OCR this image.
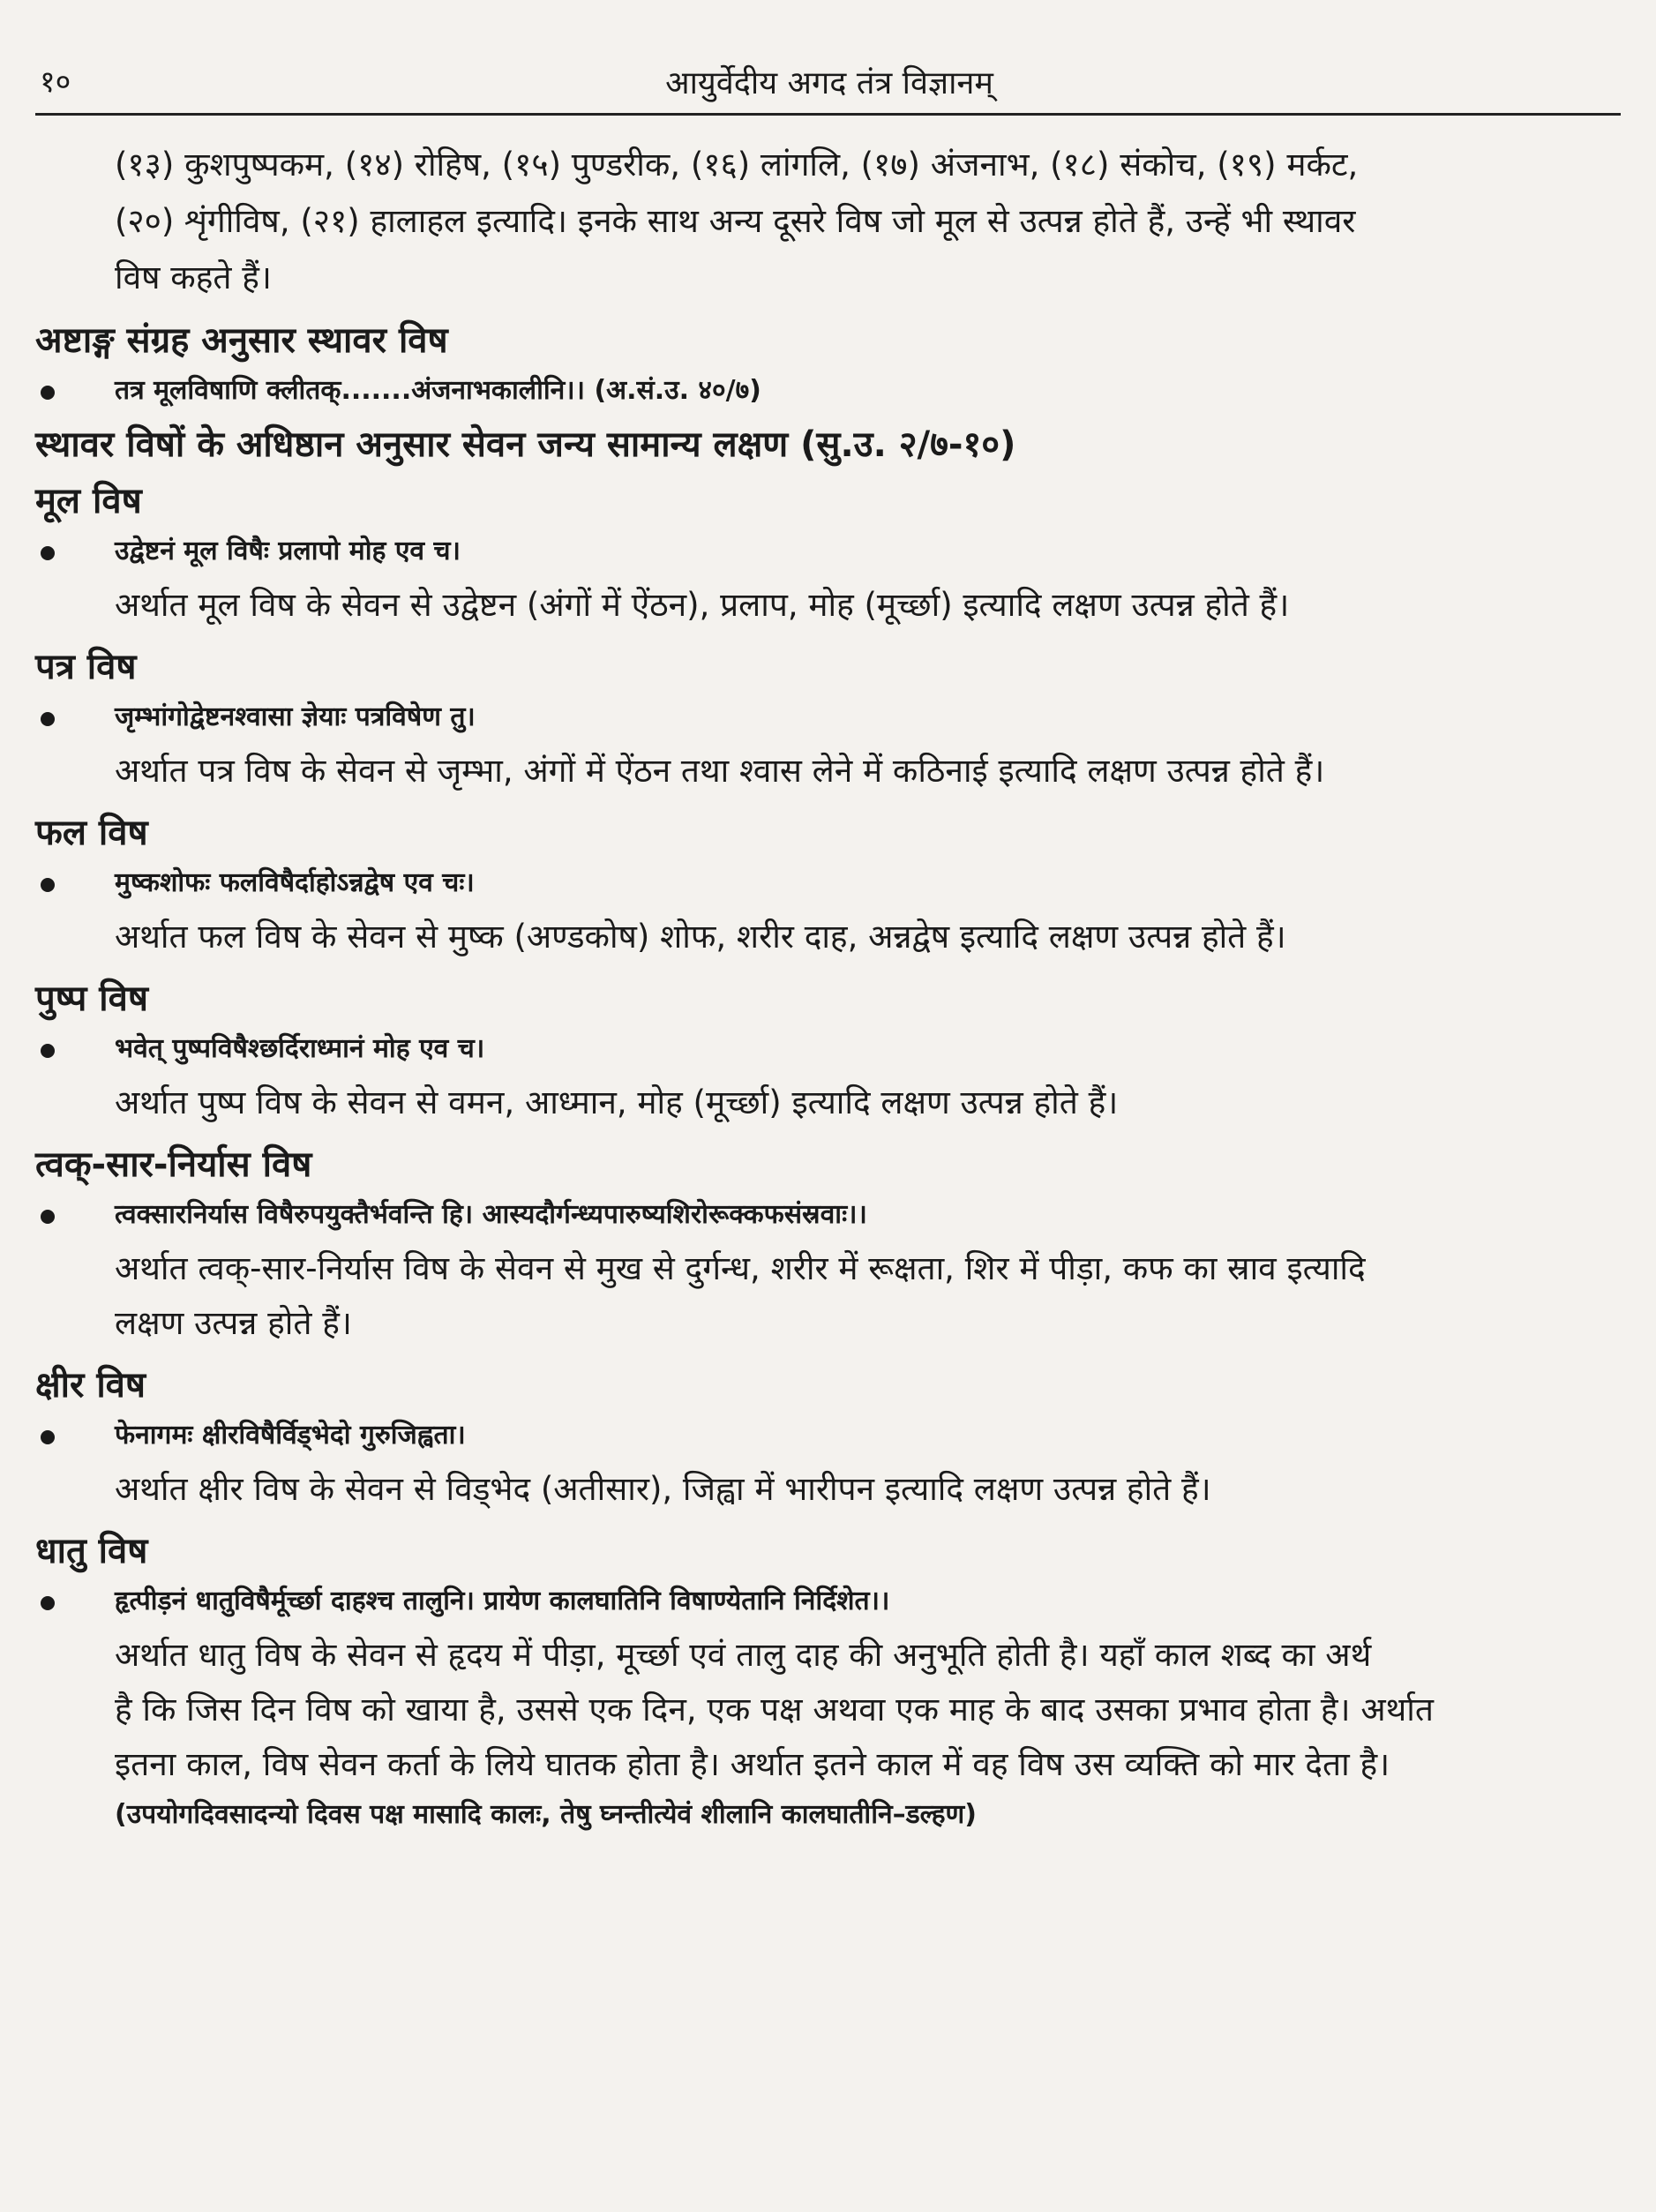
१०	आयुर्वेदीय अगद तंत्र विज्ञानम्
(१३) कुशपुष्पकम, (१४) रोहिष, (१५) पुण्डरीक, (१६) लांगलि, (१७) अंजनाभ, (१८) संकोच, (१९) मर्कट,
(२०) शृंगीविष, (२१) हालाहल इत्यादि। इनके साथ अन्य दूसरे विष जो मूल से उत्पन्न होते हैं, उन्हें भी स्थावर
विष कहते हैं।
अष्टाङ्ग संग्रह अनुसार स्थावर विष
तत्र मूलविषाणि क्लीतक्.......अंजनाभकालीनि।। (अ.सं.उ. ४०/७)
स्थावर विषों के अधिष्ठान अनुसार सेवन जन्य सामान्य लक्षण (सु.उ. २/७-१०)
मूल विष
उद्वेष्टनं मूल विषैः प्रलापो मोह एव च।
अर्थात मूल विष के सेवन से उद्वेष्टन (अंगों में ऐंठन), प्रलाप, मोह (मूर्च्छा) इत्यादि लक्षण उत्पन्न होते हैं।
पत्र विष
जृम्भांगोद्वेष्टनश्वासा ज्ञेयाः पत्रविषेण तु।
अर्थात पत्र विष के सेवन से जृम्भा, अंगों में ऐंठन तथा श्वास लेने में कठिनाई इत्यादि लक्षण उत्पन्न होते हैं।
फल विष
मुष्कशोफः फलविषैर्दाहोऽन्नद्वेष एव चः।
अर्थात फल विष के सेवन से मुष्क (अण्डकोष) शोफ, शरीर दाह, अन्नद्वेष इत्यादि लक्षण उत्पन्न होते हैं।
पुष्प विष
भवेत् पुष्पविषैश्छर्दिराध्मानं मोह एव च।
अर्थात पुष्प विष के सेवन से वमन, आध्मान, मोह (मूर्च्छा) इत्यादि लक्षण उत्पन्न होते हैं।
त्वक्-सार-निर्यास विष
त्वक्सारनिर्यास विषैरुपयुक्तैर्भवन्ति हि। आस्यदौर्गन्ध्यपारुष्यशिरोरूक्कफसंस्रवाः।।
अर्थात त्वक्-सार-निर्यास विष के सेवन से मुख से दुर्गन्ध, शरीर में रूक्षता, शिर में पीड़ा, कफ का स्राव इत्यादि
लक्षण उत्पन्न होते हैं।
क्षीर विष
फेनागमः क्षीरविषैर्विड्भेदो गुरुजिह्वता।
अर्थात क्षीर विष के सेवन से विड्भेद (अतीसार), जिह्वा में भारीपन इत्यादि लक्षण उत्पन्न होते हैं।
धातु विष
हृत्पीड़नं धातुविषैर्मूर्च्छा दाहश्च तालुनि। प्रायेण कालघातिनि विषाण्येतानि निर्दिशेत।।
अर्थात धातु विष के सेवन से हृदय में पीड़ा, मूर्च्छा एवं तालु दाह की अनुभूति होती है। यहाँ काल शब्द का अर्थ
है कि जिस दिन विष को खाया है, उससे एक दिन, एक पक्ष अथवा एक माह के बाद उसका प्रभाव होता है। अर्थात
इतना काल, विष सेवन कर्ता के लिये घातक होता है। अर्थात इतने काल में वह विष उस व्यक्ति को मार देता है।
(उपयोगदिवसादन्यो दिवस पक्ष मासादि कालः, तेषु घ्नन्तीत्येवं शीलानि कालघातीनि–डल्हण)
